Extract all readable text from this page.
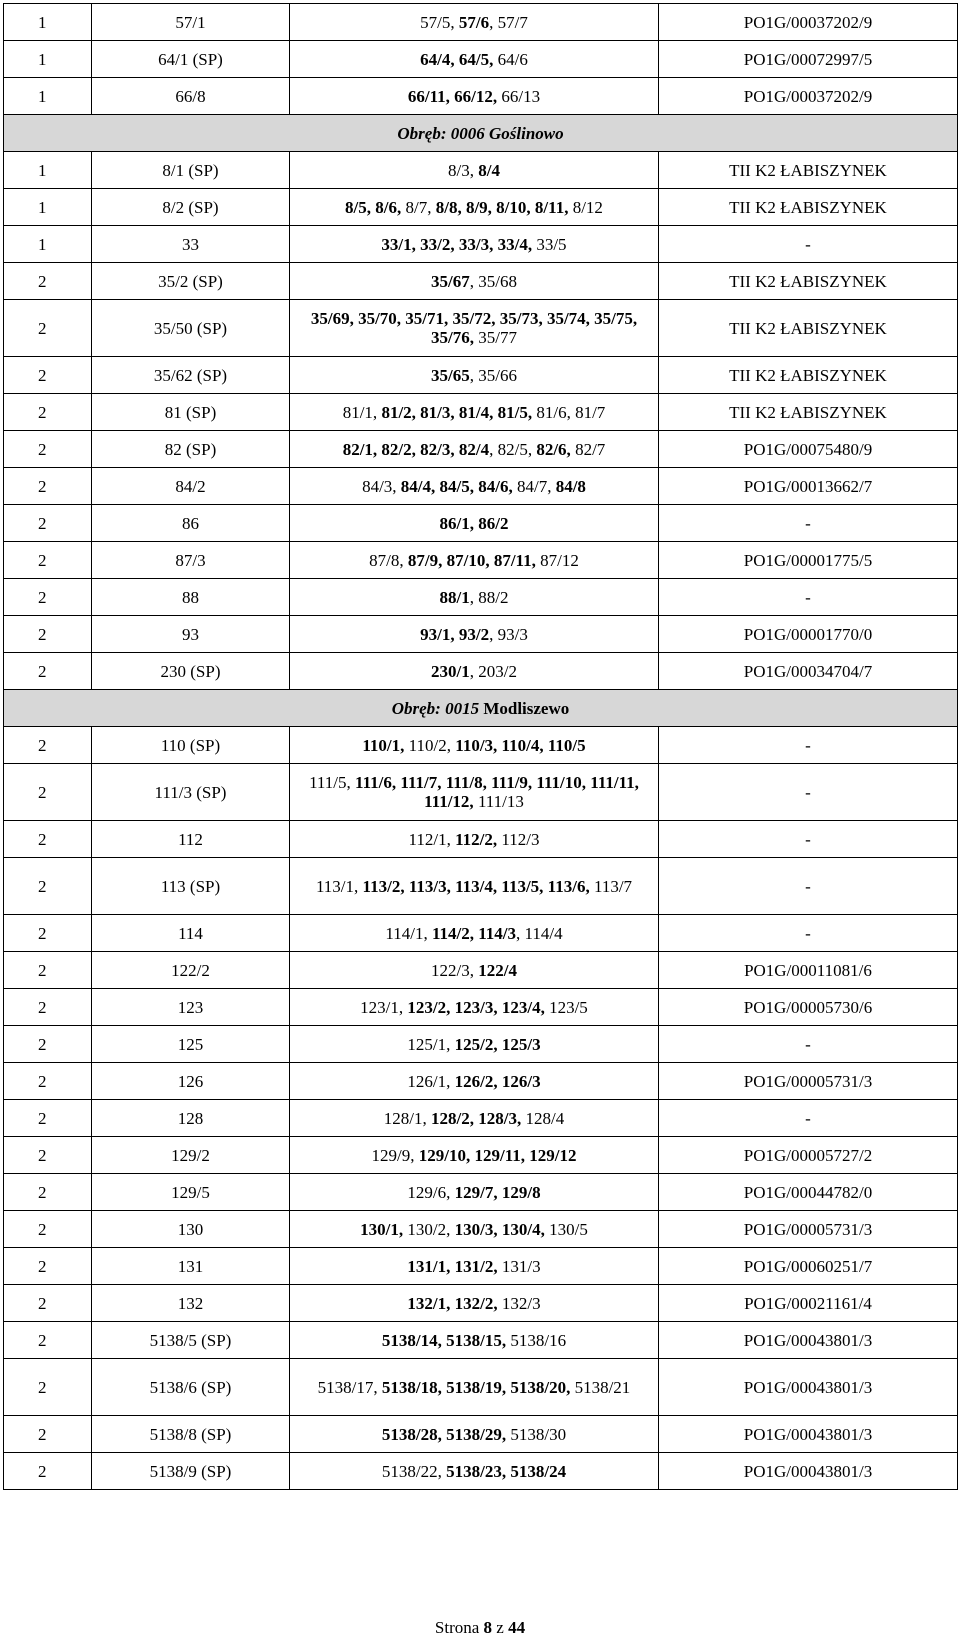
1	57/1	57/5, 57/6, 57/7	PO1G/00037202/9
1	64/1 (SP)	64/4, 64/5, 64/6	PO1G/00072997/5
1	66/8	66/11, 66/12, 66/13	PO1G/00037202/9
Obręb: 0006 Goślinowo			
1	8/1 (SP)	8/3, 8/4	TII K2 ŁABISZYNEK
1	8/2 (SP)	8/5, 8/6, 8/7, 8/8, 8/9, 8/10, 8/11, 8/12	TII K2 ŁABISZYNEK
1	33	33/1, 33/2, 33/3, 33/4, 33/5	-
2	35/2 (SP)	35/67, 35/68	TII K2 ŁABISZYNEK
2	35/50 (SP)	35/69, 35/70, 35/71, 35/72, 35/73, 35/74, 35/75, 35/76, 35/77	TII K2 ŁABISZYNEK
2	35/62 (SP)	35/65, 35/66	TII K2 ŁABISZYNEK
2	81 (SP)	81/1, 81/2, 81/3, 81/4, 81/5, 81/6, 81/7	TII K2 ŁABISZYNEK
2	82 (SP)	82/1, 82/2, 82/3, 82/4, 82/5, 82/6, 82/7	PO1G/00075480/9
2	84/2	84/3, 84/4, 84/5, 84/6, 84/7, 84/8	PO1G/00013662/7
2	86	86/1, 86/2	-
2	87/3	87/8, 87/9, 87/10, 87/11, 87/12	PO1G/00001775/5
2	88	88/1, 88/2	-
2	93	93/1, 93/2, 93/3	PO1G/00001770/0
2	230 (SP)	230/1, 203/2	PO1G/00034704/7
Obręb: 0015 Modliszewo			
2	110 (SP)	110/1, 110/2, 110/3, 110/4, 110/5	-
2	111/3 (SP)	111/5, 111/6, 111/7, 111/8, 111/9, 111/10, 111/11, 111/12, 111/13	-
2	112	112/1, 112/2, 112/3	-
2	113 (SP)	113/1, 113/2, 113/3, 113/4, 113/5, 113/6, 113/7	-
2	114	114/1, 114/2, 114/3, 114/4	-
2	122/2	122/3, 122/4	PO1G/00011081/6
2	123	123/1, 123/2, 123/3, 123/4, 123/5	PO1G/00005730/6
2	125	125/1, 125/2, 125/3	-
2	126	126/1, 126/2, 126/3	PO1G/00005731/3
2	128	128/1, 128/2, 128/3, 128/4	-
2	129/2	129/9, 129/10, 129/11, 129/12	PO1G/00005727/2
2	129/5	129/6, 129/7, 129/8	PO1G/00044782/0
2	130	130/1, 130/2, 130/3, 130/4, 130/5	PO1G/00005731/3
2	131	131/1, 131/2, 131/3	PO1G/00060251/7
2	132	132/1, 132/2, 132/3	PO1G/00021161/4
2	5138/5 (SP)	5138/14, 5138/15, 5138/16	PO1G/00043801/3
2	5138/6 (SP)	5138/17, 5138/18, 5138/19, 5138/20, 5138/21	PO1G/00043801/3
2	5138/8 (SP)	5138/28, 5138/29, 5138/30	PO1G/00043801/3
2	5138/9 (SP)	5138/22, 5138/23, 5138/24	PO1G/00043801/3
Strona 8 z 44
